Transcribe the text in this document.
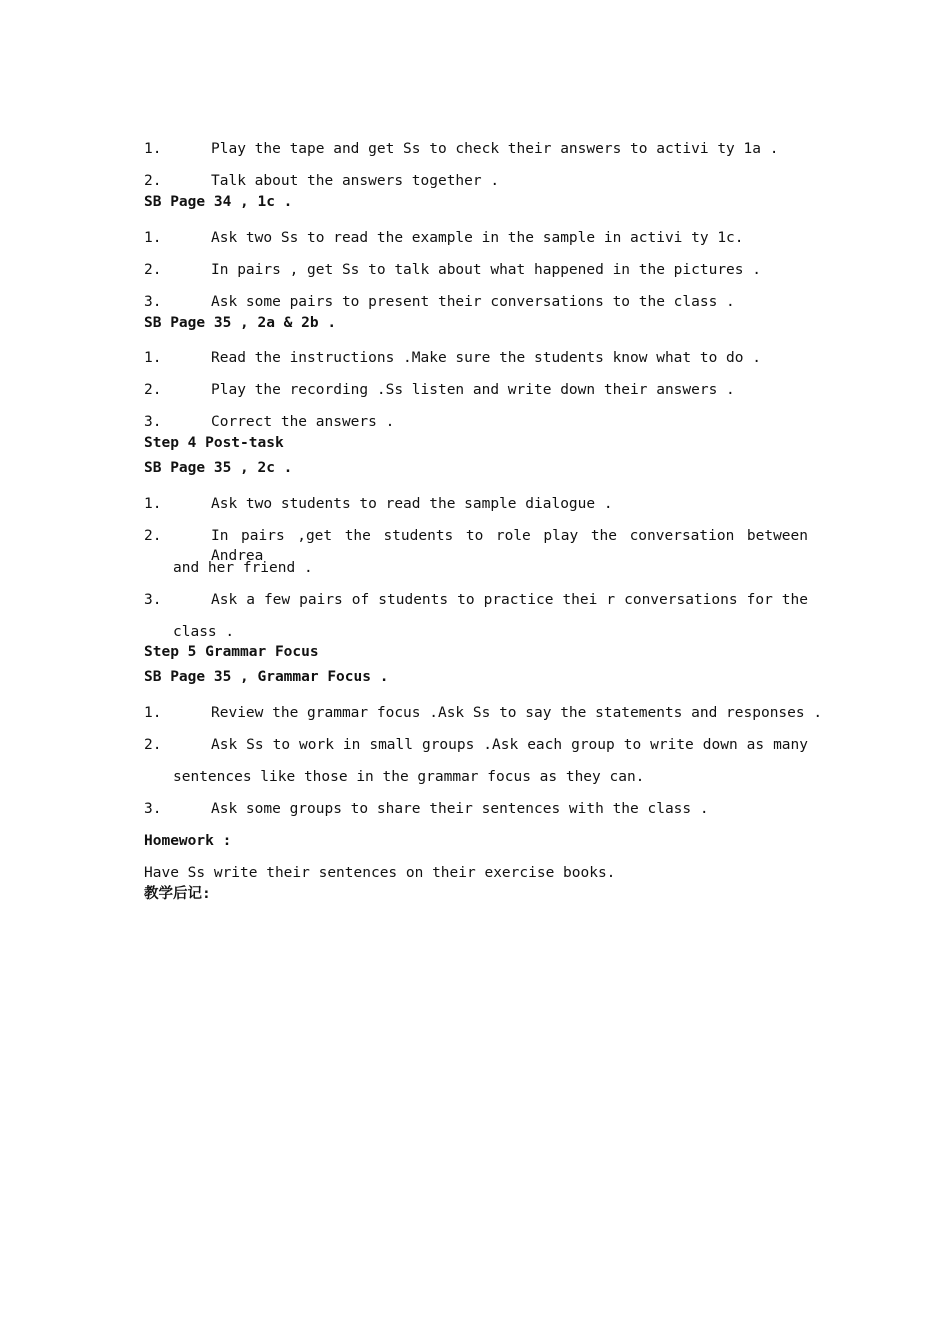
1.	Play the tape and get Ss to check their answers to activi ty 1a .
2.	Talk about the answers together .
SB Page 34 , 1c .
1.	Ask two Ss to read the example in the sample in activi ty 1c.
2.	In pairs , get Ss to talk about what happened in the pictures .
3.	Ask some pairs to present their conversations to the class .
SB Page 35 , 2a & 2b .
1.	Read the instructions .Make sure the students know what to do .
2.	Play the recording .Ss listen and write down their answers .
3.	Correct the answers .
Step 4 Post-task
SB Page 35 , 2c .
1.	Ask two students to read the sample dialogue .
2.	In pairs ,get the students to role play the conversation between Andrea
and her friend .
3.	Ask a few pairs of students to practice thei r conversations for the
class .
Step 5 Grammar Focus
SB Page 35 , Grammar Focus .
1.	Review the grammar focus .Ask Ss to say the statements and responses .
2.	Ask Ss to work in small groups .Ask each group to write down as many
sentences like those in the grammar focus as they can.
3.	Ask some groups to share their sentences with the class .
Homework :
Have Ss write their sentences on their exercise books.
教学后记:
